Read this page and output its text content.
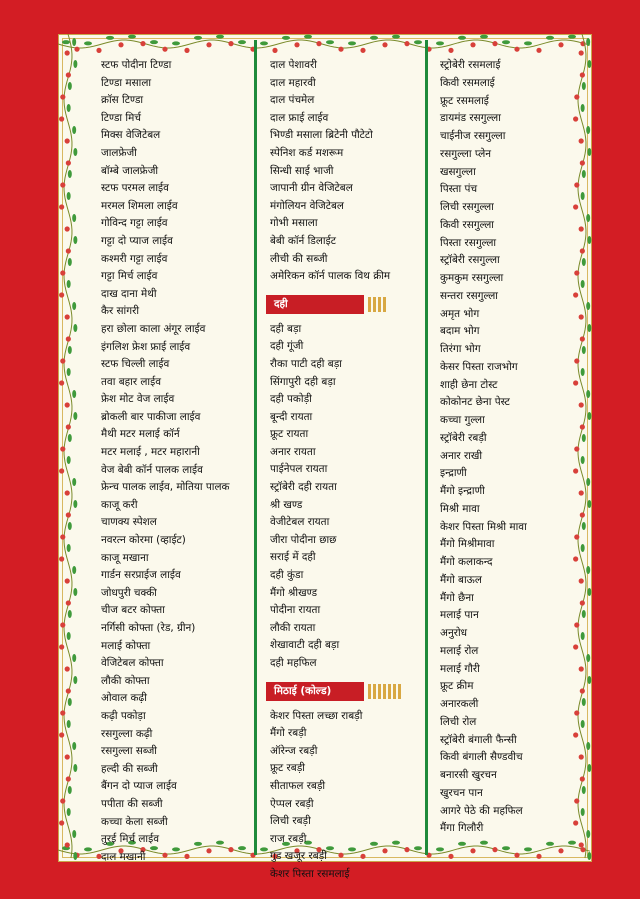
स्टफ पोदीना टिण्डा
टिण्डा मसाला
क्रॉस टिण्डा
टिण्डा मिर्च
मिक्स वेजिटेबल
जालफ्रेजी
बॉम्बे जालफ्रेजी
स्टफ परमल लाईव
मरमल शिमला लाईव
गोविन्द गट्टा लाईव
गट्टा दो प्याज लाईव
कश्मरी गट्टा लाईव
गट्टा मिर्च लाईव
दाख दाना मेथी
कैर सांगरी
हरा छोला काला अंगूर लाईव
इंगलिश फ्रेश फ्राई लाईव
स्टफ चिल्ली लाईव
तवा बहार लाईव
फ्रेश मोट वेज लाईव
ब्रोकली बार पाकीजा लाईव
मैथी मटर मलाई कॉर्न
मटर मलाई , मटर महारानी
वेज बेबी कॉर्न पालक लाईव
फ्रेन्च पालक लाईव, मोतिया पालक
काजू करी
चाणक्य स्पेशल
नवरत्न कोरमा (व्हाईट)
काजू मखाना
गार्डन सरप्राईज लाईव
जोधपुरी चक्की
चीज बटर कोफ्ता
नर्गिसी कोफ्ता (रेड, ग्रीन)
मलाई कोफ्ता
वेजिटेबल कोफ्ता
लौकी कोफ्ता
ओवाल कढ़ी
कढ़ी पकोड़ा
रसगुल्ला कढ़ी
रसगुल्ला सब्जी
हल्दी की सब्जी
बैंगन दो प्याज लाईव
पपीता की सब्जी
कच्चा केला सब्जी
तुरई मिर्च लाईव
दाल मखानी
दाल पेशावरी
दाल महारवी
दाल पंचमेल
दाल फ्राई लाईव
भिण्डी मसाला ब्रिटेनी पौटेटो
स्पेनिश कर्ड मशरूम
सिन्धी साई भाजी
जापानी ग्रीन वेजिटेबल
मंगोलियन वेजिटेबल
गोभी मसाला
बेबी कॉर्न डिलाईट
लीची की सब्जी
अमेरिकन कॉर्न पालक विथ क्रीम
दही
दही बड़ा
दही गूंजी
रौका पाटी दही बड़ा
सिंगापुरी दही बड़ा
दही पकोड़ी
बून्दी रायता
फ्रूट रायता
अनार रायता
पाईनेपल रायता
स्ट्रॉबेरी दही रायता
श्री खण्ड
वेजीटेबल रायता
जीरा पोदीना छाछ
सराई में दही
दही कुंडा
मैंगो श्रीखण्ड
पोदीना रायता
लौकी रायता
शेखावाटी दही बड़ा
दही महफिल
मिठाई (कोल्ड)
केशर पिस्ता लच्छा राबड़ी
मैंगो रबड़ी
ऑरेन्ज रबड़ी
फ्रूट रबड़ी
सीताफल रबड़ी
ऐप्पल रबड़ी
लिची रबड़ी
राज रबड़ी
गुड खजूर रबड़ी
केशर पिस्ता रसमलाई
स्ट्रोबेरी रसमलाई
किवी रसमलाई
फ्रूट रसमलाई
डायमंड रसगुल्ला
चाईनीज रसगुल्ला
रसगुल्ला प्लेन
खसगुल्ला
पिस्ता पंच
लिची रसगुल्ला
किवी रसगुल्ला
पिस्ता रसगुल्ला
स्ट्रॉबेरी रसगुल्ला
कुमकुम रसगुल्ला
सन्तरा रसगुल्ला
अमृत भोग
बदाम भोग
तिरंगा भोग
केसर पिस्ता राजभोग
शाही छेना टोस्ट
कोकोनट छेना पेस्ट
कच्चा गुल्ला
स्ट्रॉबेरी रबड़ी
अनार राखी
इन्द्राणी
मैंगो इन्द्राणी
मिश्री मावा
केशर पिस्ता मिश्री मावा
मैंगो मिश्रीमावा
मैंगो कलाकन्द
मैंगो बाऊल
मैंगो छैना
मलाई पान
अनुरोध
मलाई रोल
मलाई गौरी
फ्रूट क्रीम
अनारकली
लिची रोल
स्ट्रॉबेरी बंगाली फैन्सी
किवी बंगाली सैण्डवीच
बनारसी खुरचन
खुरचन पान
आगरे पेठे की महफिल
मैंगा गिलौरी
